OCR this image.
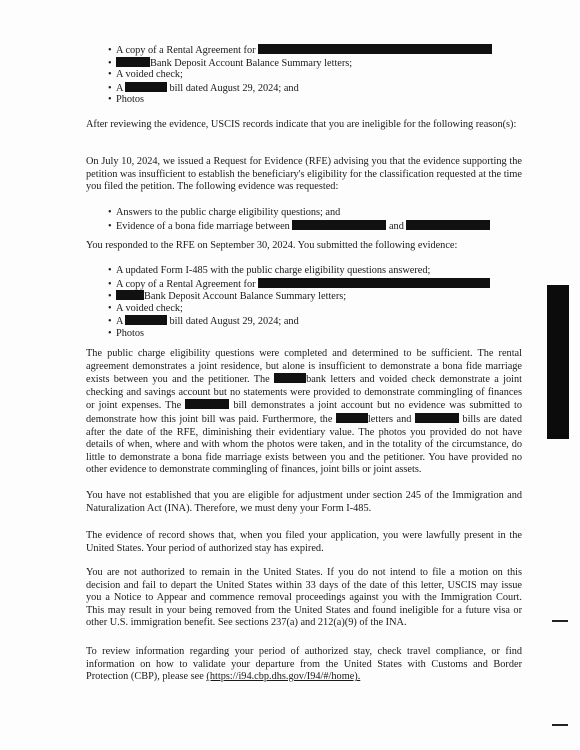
• A copy of a Rental Agreement for
•	Bank Deposit Account Balance Summary letters;
• A voided check;
• A	bill dated August 29, 2024; and
• Photos

After reviewing the evidence, USCIS records indicate that you are ineligible for the following reason(s):

On July 10, 2024, we issued a Request for Evidence (RFE) advising you that the evidence supporting the petition was insufficient to establish the beneficiary's eligibility for the classification requested at the time you filed the petition. The following evidence was requested:

• Answers to the public charge eligibility questions; and
• Evidence of a bona fide marriage between	and

You responded to the RFE on September 30, 2024. You submitted the following evidence:

• A updated Form I-485 with the public charge eligibility questions answered;
• A copy of a Rental Agreement for
•	Bank Deposit Account Balance Summary letters;
• A voided check;
• A	bill dated August 29, 2024; and
• Photos

The public charge eligibility questions were completed and determined to be sufficient. The rental agreement demonstrates a joint residence, but alone is insufficient to demonstrate a bona fide marriage exists between you and the petitioner. The	bank letters and voided check demonstrate a joint checking and savings account but no statements were provided to demonstrate commingling of finances or joint expenses. The	bill demonstrates a joint account but no evidence was submitted to demonstrate how this joint bill was paid. Furthermore, the	letters and	bills are dated after the date of the RFE, diminishing their evidentiary value. The photos you provided do not have details of when, where and with whom the photos were taken, and in the totality of the circumstance, do little to demonstrate a bona fide marriage exists between you and the petitioner. You have provided no other evidence to demonstrate commingling of finances, joint bills or joint assets.

You have not established that you are eligible for adjustment under section 245 of the Immigration and Naturalization Act (INA). Therefore, we must deny your Form I-485.

The evidence of record shows that, when you filed your application, you were lawfully present in the United States. Your period of authorized stay has expired.

You are not authorized to remain in the United States. If you do not intend to file a motion on this decision and fail to depart the United States within 33 days of the date of this letter, USCIS may issue you a Notice to Appear and commence removal proceedings against you with the Immigration Court. This may result in your being removed from the United States and found ineligible for a future visa or other U.S. immigration benefit. See sections 237(a) and 212(a)(9) of the INA.

To review information regarding your period of authorized stay, check travel compliance, or find information on how to validate your departure from the United States with Customs and Border Protection (CBP), please see (https://i94.cbp.dhs.gov/I94/#/home).
